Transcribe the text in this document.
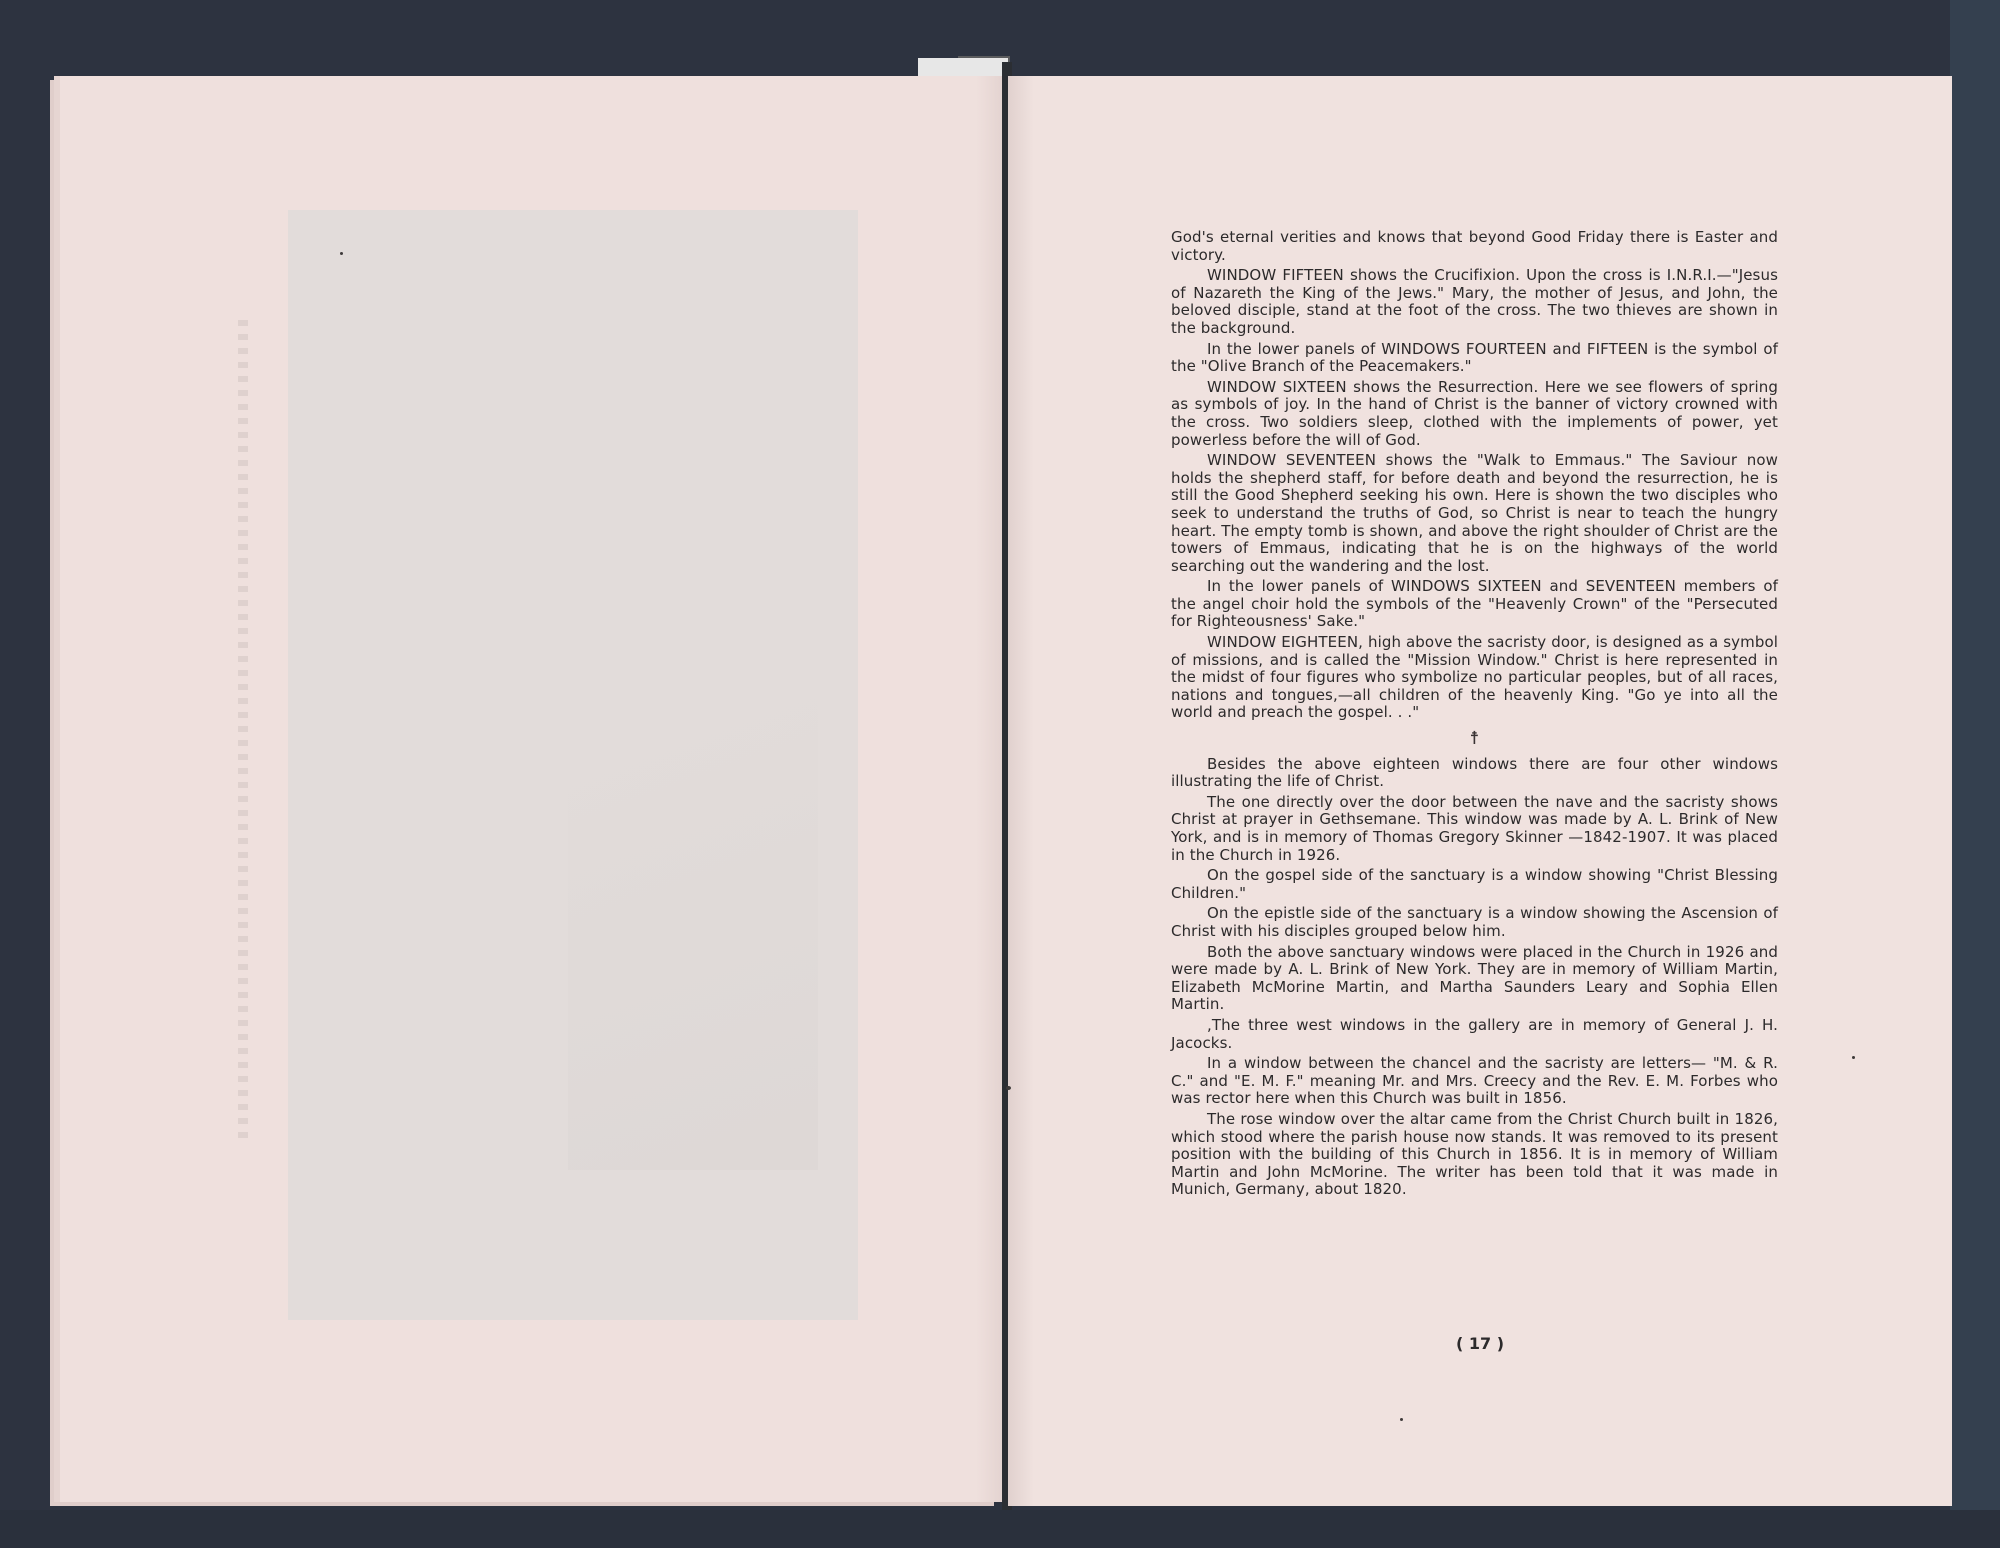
God's eternal verities and knows that beyond Good Friday there is Easter and victory.

WINDOW FIFTEEN shows the Crucifixion. Upon the cross is I.N.R.I.—"Jesus of Nazareth the King of the Jews." Mary, the mother of Jesus, and John, the beloved disciple, stand at the foot of the cross. The two thieves are shown in the background.

In the lower panels of WINDOWS FOURTEEN and FIFTEEN is the symbol of the "Olive Branch of the Peacemakers."

WINDOW SIXTEEN shows the Resurrection. Here we see flowers of spring as symbols of joy. In the hand of Christ is the banner of victory crowned with the cross. Two soldiers sleep, clothed with the implements of power, yet powerless before the will of God.

WINDOW SEVENTEEN shows the "Walk to Emmaus." The Saviour now holds the shepherd staff, for before death and beyond the resurrection, he is still the Good Shepherd seeking his own. Here is shown the two disciples who seek to understand the truths of God, so Christ is near to teach the hungry heart. The empty tomb is shown, and above the right shoulder of Christ are the towers of Emmaus, indicating that he is on the highways of the world searching out the wandering and the lost.

In the lower panels of WINDOWS SIXTEEN and SEVENTEEN members of the angel choir hold the symbols of the "Heavenly Crown" of the "Persecuted for Righteousness' Sake."

WINDOW EIGHTEEN, high above the sacristy door, is designed as a symbol of missions, and is called the "Mission Window." Christ is here represented in the midst of four figures who symbolize no particular peoples, but of all races, nations and tongues,—all children of the heavenly King. "Go ye into all the world and preach the gospel. . ."

☨

Besides the above eighteen windows there are four other windows illustrating the life of Christ.

The one directly over the door between the nave and the sacristy shows Christ at prayer in Gethsemane. This window was made by A. L. Brink of New York, and is in memory of Thomas Gregory Skinner —1842-1907. It was placed in the Church in 1926.

On the gospel side of the sanctuary is a window showing "Christ Blessing Children."

On the epistle side of the sanctuary is a window showing the Ascension of Christ with his disciples grouped below him.

Both the above sanctuary windows were placed in the Church in 1926 and were made by A. L. Brink of New York. They are in memory of William Martin, Elizabeth McMorine Martin, and Martha Saunders Leary and Sophia Ellen Martin.

,The three west windows in the gallery are in memory of General J. H. Jacocks.

In a window between the chancel and the sacristy are letters— "M. & R. C." and "E. M. F." meaning Mr. and Mrs. Creecy and the Rev. E. M. Forbes who was rector here when this Church was built in 1856.

The rose window over the altar came from the Christ Church built in 1826, which stood where the parish house now stands. It was removed to its present position with the building of this Church in 1856. It is in memory of William Martin and John McMorine. The writer has been told that it was made in Munich, Germany, about 1820.

( 17 )
